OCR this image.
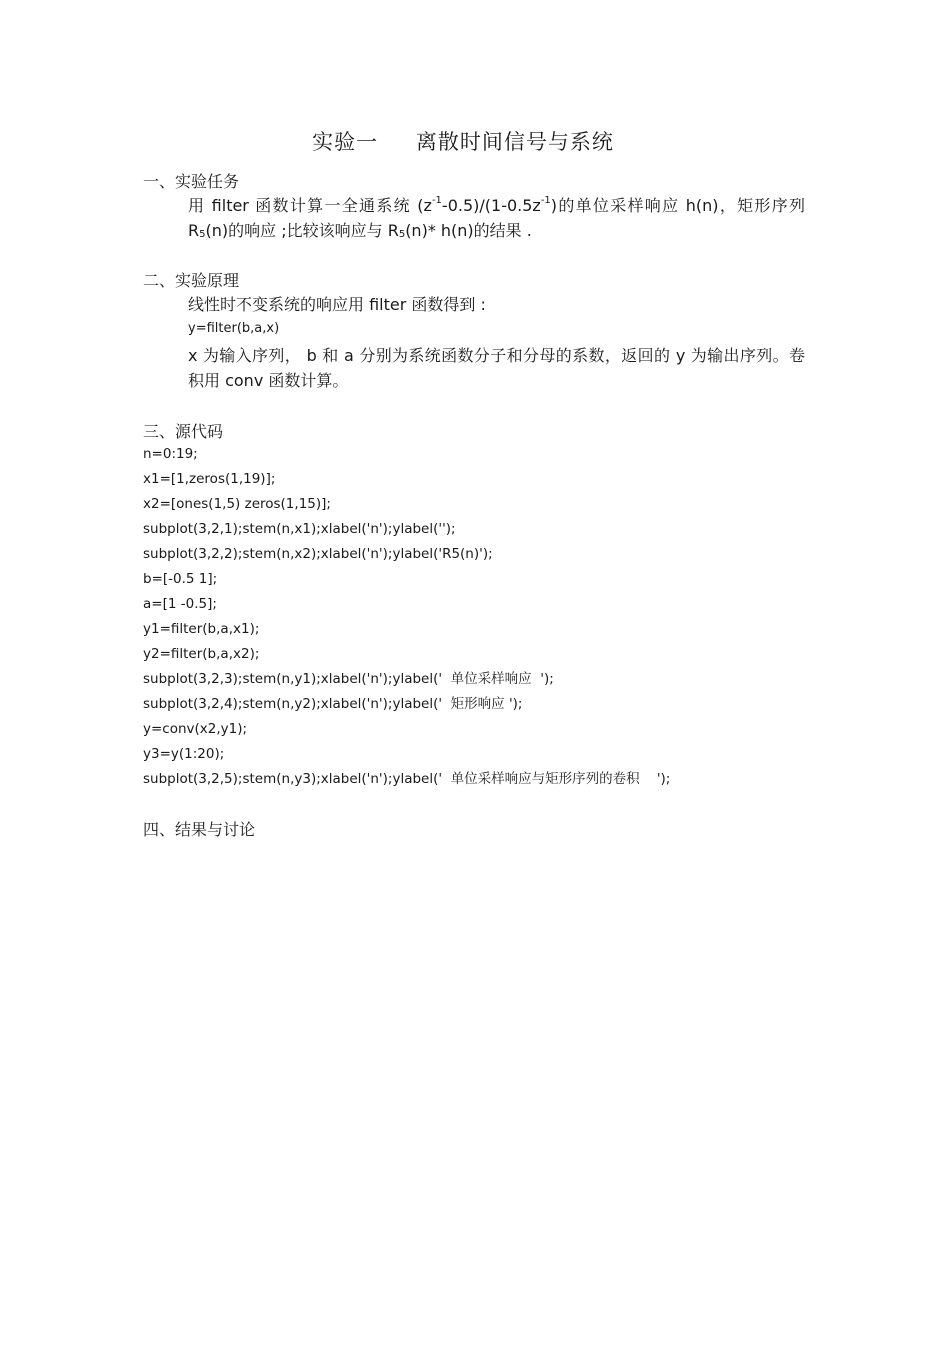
实验一 离散时间信号与系统
一、实验任务
用 filter 函数计算一全通系统 $(z^{-1}-0.5)/(1-0.5z^{-1})$的单位采样响应 h(n)，矩形序列 $R_5(n)$的响应 ;比较该响应与 $R_5(n)*$ h(n)的结果 .
二、实验原理
线性时不变系统的响应用 filter 函数得到 :
y=filter(b,a,x)
x 为输入序列， b 和 a 分别为系统函数分子和分母的系数，返回的 y 为输出序列。卷积用 conv 函数计算。
三、源代码
n=0:19;
x1=[1,zeros(1,19)];
x2=[ones(1,5) zeros(1,15)];
subplot(3,2,1);stem(n,x1);xlabel('n');ylabel('');
subplot(3,2,2);stem(n,x2);xlabel('n');ylabel('R5(n)');
b=[-0.5 1];
a=[1 -0.5];
y1=filter(b,a,x1);
y2=filter(b,a,x2);
subplot(3,2,3);stem(n,y1);xlabel('n');ylabel('  单位采样响应  ');
subplot(3,2,4);stem(n,y2);xlabel('n');ylabel('  矩形响应 ');
y=conv(x2,y1);
y3=y(1:20);
subplot(3,2,5);stem(n,y3);xlabel('n');ylabel('  单位采样响应与矩形序列的卷积    ');
四、结果与讨论
